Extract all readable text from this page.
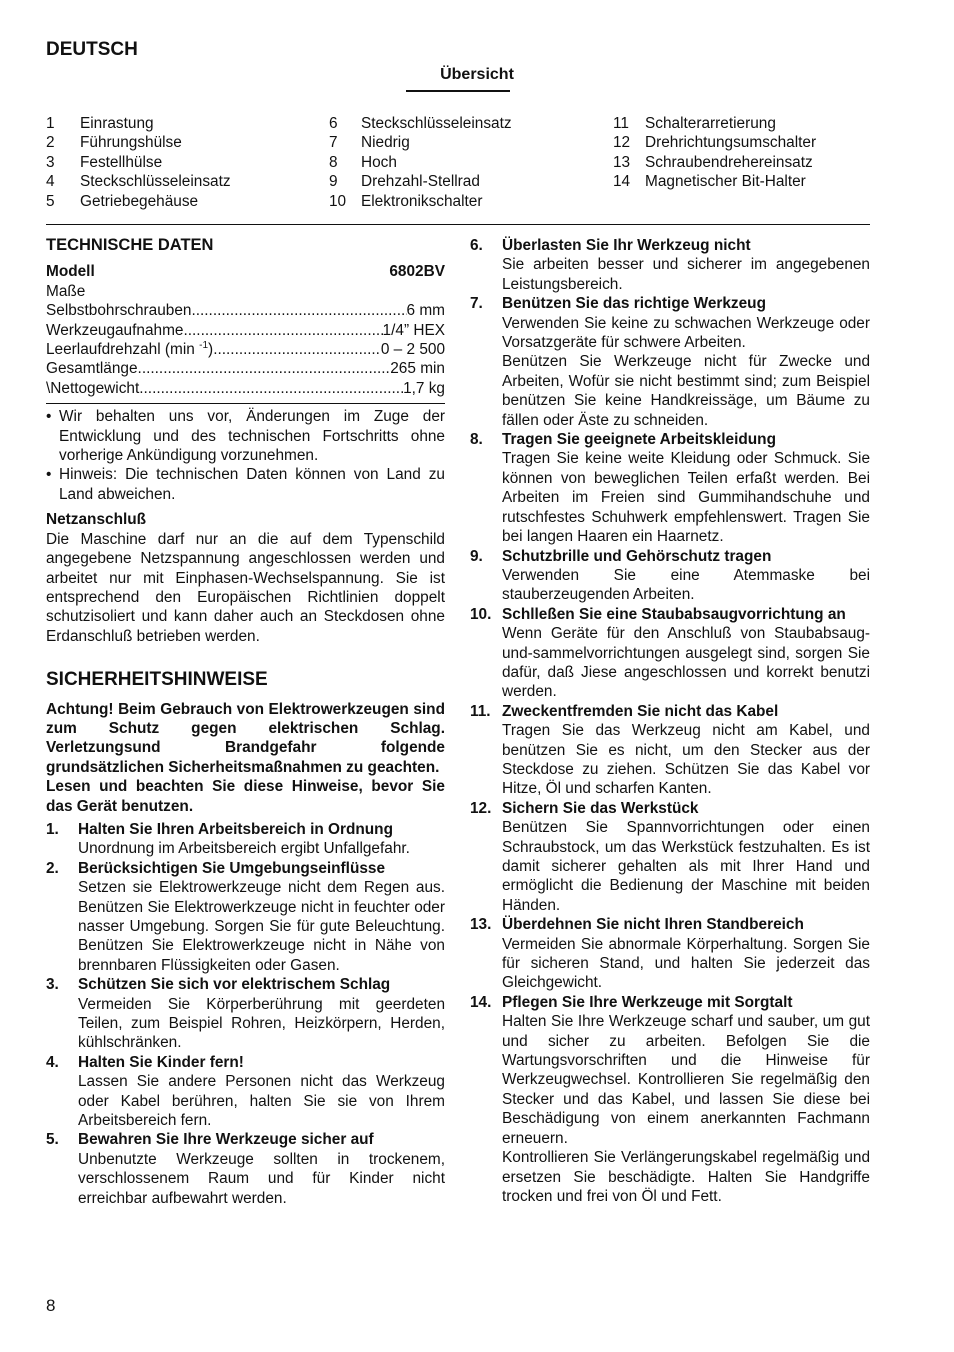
DEUTSCH
Übersicht
1	Einrastung
2	Führungshülse
3	Festellhülse
4	Steckschlüsseleinsatz
5	Getriebegehäuse
6	Steckschlüsseleinsatz
7	Niedrig
8	Hoch
9	Drehzahl-Stellrad
10 Elektronikschalter
11	Schalterarretierung
12 Drehrichtungsumschalter
13 Schraubendrehereinsatz
14 Magnetischer Bit-Halter
TECHNISCHE DATEN
Modell	6802BV
Maße
Selbstbohrschrauben .....	6 mm
Werkzeugaufnahme .....	1/4” HEX
Leerlaufdrehzahl (min $^{-1}$) .....	0 – 2 500
Gesamtlänge .....	265 min
\Nettogewicht .....	1,7 kg
• Wir behalten uns vor, Änderungen im Zuge der Entwicklung und des technischen Fortschritts ohne vorherige Ankündigung vorzunehmen.
• Hinweis: Die technischen Daten können von Land zu Land abweichen.
Netzanschluß
Die Maschine darf nur an die auf dem Typenschild angegebene Netzspannung angeschlossen werden und arbeitet nur mit Einphasen-Wechselspannung. Sie ist entsprechend den Europäischen Richtlinien doppelt schutzisoliert und kann daher auch an Steckdosen ohne Erdanschluß betrieben werden.
SICHERHEITSHINWEISE
Achtung! Beim Gebrauch von Elektrowerkzeugen sind zum Schutz gegen elektrischen Schlag. Verletzungsund Brandgefahr folgende grundsätzlichen Sicherheitsmaßnahmen zu geachten.
Lesen und beachten Sie diese Hinweise, bevor Sie das Gerät benutzen.
1.	Halten Sie Ihren Arbeitsbereich in Ordnung
Unordnung im Arbeitsbereich ergibt Unfallgefahr.
2.	Berücksichtigen Sie Umgebungseinflüsse
Setzen sie Elektrowerkzeuge nicht dem Regen aus. Benützen Sie Elektrowerkzeuge nicht in feuchter oder nasser Umgebung. Sorgen Sie für gute Beleuchtung. Benützen Sie Elektrowerkzeuge nicht in Nähe von brennbaren Flüssigkeiten oder Gasen.
3.	Schützen Sie sich vor elektrischem Schlag
Vermeiden Sie Körperberührung mit geerdeten Teilen, zum Beispiel Rohren, Heizkörpern, Herden, kühlschränken.
4.	Halten Sie Kinder fern!
Lassen Sie andere Personen nicht das Werkzeug oder Kabel berühren, halten Sie sie von Ihrem Arbeitsbereich fern.
5.	Bewahren Sie Ihre Werkzeuge sicher auf
Unbenutzte Werkzeuge sollten in trockenem, verschlossenem Raum und für Kinder nicht erreichbar aufbewahrt werden.
6.	Überlasten Sie Ihr Werkzeug nicht
Sie arbeiten besser und sicherer im angegebenen Leistungsbereich.
7.	Benützen Sie das richtige Werkzeug
Verwenden Sie keine zu schwachen Werkzeuge oder Vorsatzgeräte für schwere Arbeiten.
Benützen Sie Werkzeuge nicht für Zwecke und Arbeiten, Wofür sie nicht bestimmt sind; zum Beispiel benützen Sie keine Handkreissäge, um Bäume zu fällen oder Äste zu schneiden.
8.	Tragen Sie geeignete Arbeitskleidung
Tragen Sie keine weite Kleidung oder Schmuck. Sie können von beweglichen Teilen erfaßt werden. Bei Arbeiten im Freien sind Gummihandschuhe und rutschfestes Schuhwerk empfehlenswert. Tragen Sie bei langen Haaren ein Haarnetz.
9.	Schutzbrille und Gehörschutz tragen
Verwenden Sie eine Atemmaske bei stauberzeugenden Arbeiten.
10. Schlleßen Sie eine Staubabsaugvorrichtung an
Wenn Geräte für den Anschluß von Staubabsaug-und-sammelvorrichtungen ausgelegt sind, sorgen Sie dafür, daß Jiese angeschlossen und korrekt benutzi werden.
11. Zweckentfremden Sie nicht das Kabel
Tragen Sie das Werkzeug nicht am Kabel, und benützen Sie es nicht, um den Stecker aus der Steckdose zu ziehen. Schützen Sie das Kabel vor Hitze, Öl und scharfen Kanten.
12. Sichern Sie das Werkstück
Benützen Sie Spannvorrichtungen oder einen Schraubstock, um das Werkstück festzuhalten. Es ist damit sicherer gehalten als mit Ihrer Hand und ermöglicht die Bedienung der Maschine mit beiden Händen.
13. Überdehnen Sie nicht Ihren Standbereich
Vermeiden Sie abnormale Körperhaltung. Sorgen Sie für sicheren Stand, und halten Sie jederzeit das Gleichgewicht.
14. Pflegen Sie Ihre Werkzeuge mit Sorgtalt
Halten Sie Ihre Werkzeuge scharf und sauber, um gut und sicher zu arbeiten. Befolgen Sie die Wartungsvorschriften und die Hinweise für Werkzeugwechsel. Kontrollieren Sie regelmäßig den Stecker und das Kabel, und lassen Sie diese bei Beschädigung von einem anerkannten Fachmann erneuern.
Kontrollieren Sie Verlängerungskabel regelmäßig und ersetzen Sie beschädigte. Halten Sie Handgriffe trocken und frei von Öl und Fett.
8
